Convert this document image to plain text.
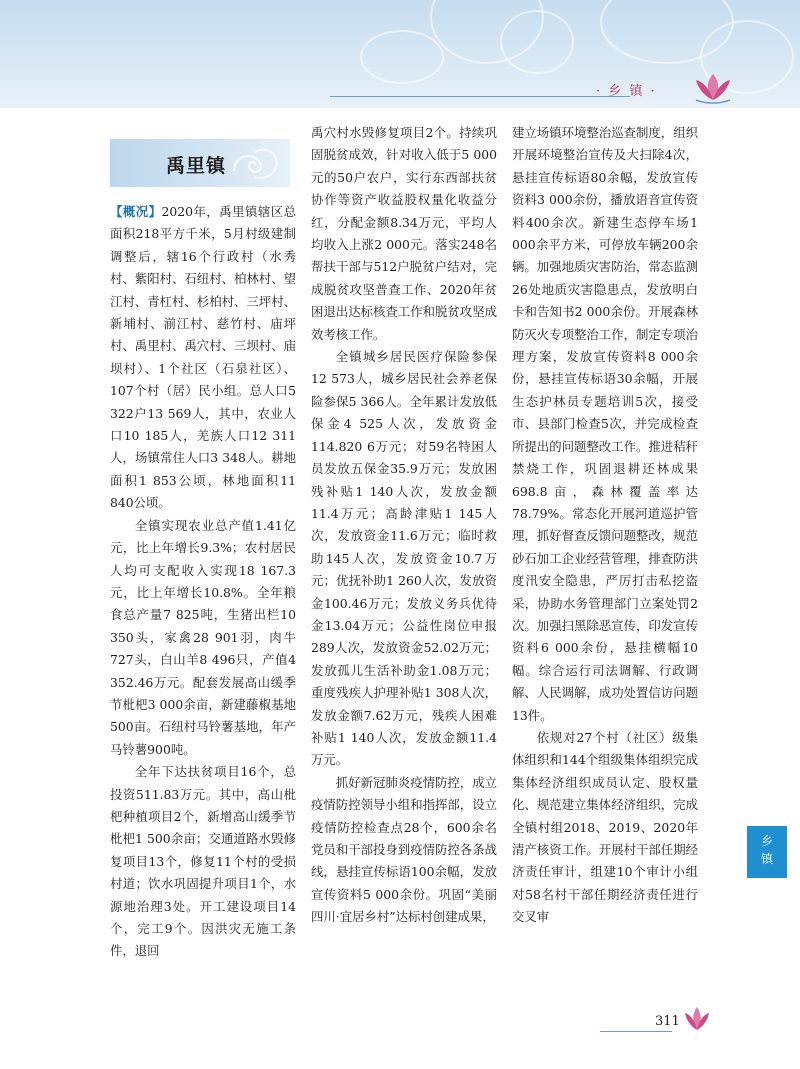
· 乡 镇 ·
禹里镇

【概况】2020年，禹里镇辖区总面积218平方千米，5月村级建制调整后，辖16个行政村（水秀村、紫阳村、石纽村、柏林村、望江村、青杠村、杉柏村、三坪村、新埔村、湔江村、慈竹村、庙坪村、禹里村、禹穴村、三坝村、庙坝村）、1个社区（石泉社区）、107个村（居）民小组。总人口5 322户13 569人，其中，农业人口10 185人，羌族人口12 311人，场镇常住人口3 348人。耕地面积1 853公顷，林地面积11 840公顷。

全镇实现农业总产值1.41亿元，比上年增长9.3%；农村居民人均可支配收入实现18 167.3元，比上年增长10.8%。全年粮食总产量7 825吨，生猪出栏10 350头，家禽28 901羽，肉牛727头，白山羊8 496只，产值4 352.46万元。配套发展高山缓季节枇杷3 000余亩，新建藤椒基地500亩。石纽村马铃薯基地，年产马铃薯900吨。

全年下达扶贫项目16个，总投资511.83万元。其中，高山枇杷种植项目2个，新增高山缓季节枇杷1 500余亩；交通道路水毁修复项目13个，修复11个村的受损村道；饮水巩固提升项目1个，水源地治理3处。开工建设项目14个，完工9个。因洪灾无施工条件，退回

禹穴村水毁修复项目2个。持续巩固脱贫成效，针对收入低于5 000元的50户农户，实行东西部扶贫协作等资产收益股权量化收益分红，分配金额8.34万元，平均人均收入上涨2 000元。落实248名帮扶干部与512户脱贫户结对，完成脱贫攻坚普查工作、2020年贫困退出达标核查工作和脱贫攻坚成效考核工作。

全镇城乡居民医疗保险参保12 573人，城乡居民社会养老保险参保5 366人。全年累计发放低保金4 525人次，发放资金114.820 6万元；对59名特困人员发放五保金35.9万元；发放困残补贴1 140人次，发放金额11.4万元；高龄津贴1 145人次，发放资金11.6万元；临时救助145人次，发放资金10.7万元；优抚补助1 260人次，发放资金100.46万元；发放义务兵优待金13.04万元；公益性岗位申报289人次，发放资金52.02万元；发放孤儿生活补助金1.08万元；重度残疾人护理补贴1 308人次，发放金额7.62万元，残疾人困难补贴1 140人次，发放金额11.4万元。

抓好新冠肺炎疫情防控，成立疫情防控领导小组和指挥部，设立疫情防控检查点28个，600余名党员和干部投身到疫情防控各条战线，悬挂宣传标语100余幅，发放宣传资料5 000余份。巩固“美丽四川·宜居乡村”达标村创建成果，

建立场镇环境整治巡查制度，组织开展环境整治宣传及大扫除4次，悬挂宣传标语80余幅，发放宣传资料3 000余份，播放语音宣传资料400余次。新建生态停车场1 000余平方米，可停放车辆200余辆。加强地质灾害防治，常态监测26处地质灾害隐患点，发放明白卡和告知书2 000余份。开展森林防灭火专项整治工作，制定专项治理方案，发放宣传资料8 000余份，悬挂宣传标语30余幅，开展生态护林员专题培训5次，接受市、县部门检查5次，并完成检查所提出的问题整改工作。推进秸秆禁烧工作，巩固退耕还林成果698.8亩，森林覆盖率达78.79%。常态化开展河道巡护管理，抓好督查反馈问题整改，规范砂石加工企业经营管理，排查防洪度汛安全隐患，严厉打击私挖盗采，协助水务管理部门立案处罚2次。加强扫黑除恶宣传，印发宣传资料6 000余份，悬挂横幅10幅。综合运行司法调解、行政调解、人民调解，成功处置信访问题13件。

依规对27个村（社区）级集体组织和144个组级集体组织完成集体经济组织成员认定、股权量化、规范建立集体经济组织，完成全镇村组2018、2019、2020年清产核资工作。开展村干部任期经济责任审计，组建10个审计小组对58名村干部任期经济责任进行交叉审

乡
镇
311
